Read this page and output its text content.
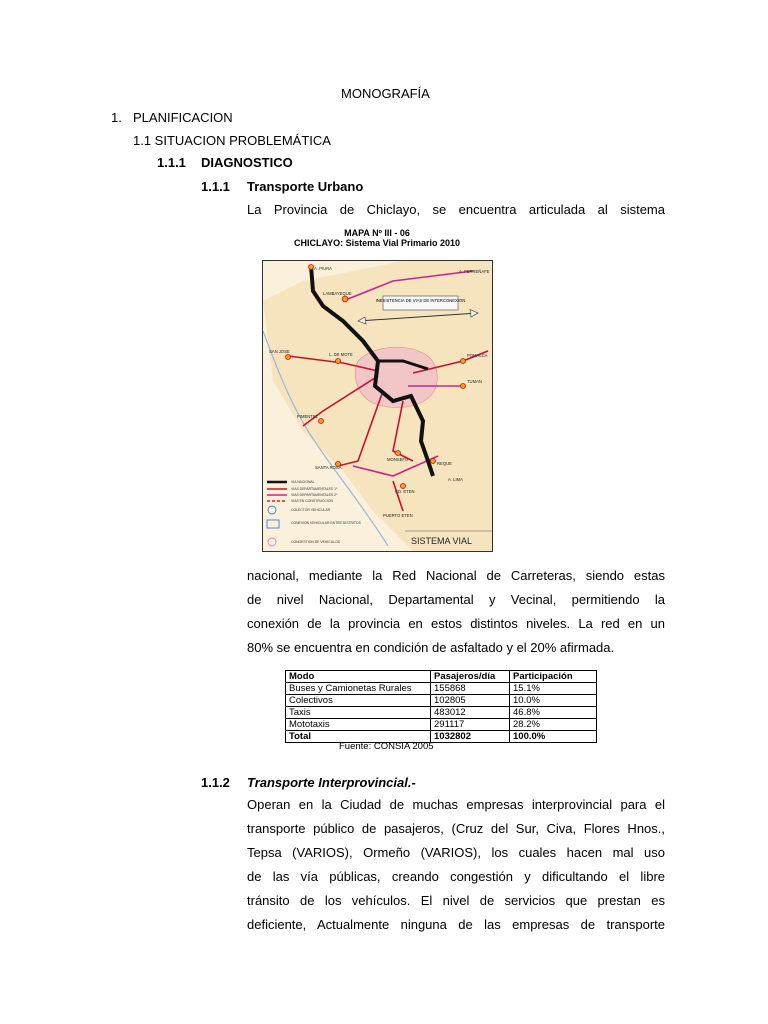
MONOGRAFÍA
1. PLANIFICACION
1.1 SITUACION PROBLEMÁTICA
1.1.1 DIAGNOSTICO
1.1.1 Transporte Urbano
La Provincia de Chiclayo, se encuentra articulada al sistema
MAPA Nº III - 06
CHICLAYO: Sistema Vial Primario 2010
INEXISTENCIA DE VIAS DE INTERCONEXION
A. PIURA
A. FERREÑAFE
LAMBAYEQUE
SAN JOSE
L. DE MOTE	POMALCA
TUMAN
PIMENTEL
SANTA ROSA
MONSEFU
REQUE
A. LIMA
CD. ETEN
PUERTO ETEN
VIA NACIONAL
VIAS DEPARTAMENTALES 1º
VIAS DEPARTAMENTALES 2º
VIAS EN CONSTRUCCION
COLECTOR VEHICULAR
CONEXION VEHICULAR ENTRE DISTRITOS
CONGESTION DE VEHICULOS	SISTEMA VIAL
nacional, mediante la Red Nacional de Carreteras, siendo estas
de nivel Nacional, Departamental y Vecinal, permitiendo la
conexión de la provincia en estos distintos niveles. La red en un
80% se encuentra en condición de asfaltado y el 20% afirmada.
Modo	Pasajeros/día	Participación
Buses y Camionetas Rurales	155868	15.1%
Colectivos	102805	10.0%
Taxis	483012	46.8%
Mototaxis	291117	28.2%
Total	1032802	100.0%
Fuente: CONSIA 2005
1.1.2 Transporte Interprovincial.-
Operan en la Ciudad de muchas empresas interprovincial para el
transporte público de pasajeros, (Cruz del Sur, Civa, Flores Hnos.,
Tepsa (VARIOS), Ormeño (VARIOS), los cuales hacen mal uso
de las vía públicas, creando congestión y dificultando el libre
tránsito de los vehículos. El nivel de servicios que prestan es
deficiente, Actualmente ninguna de las empresas de transporte
